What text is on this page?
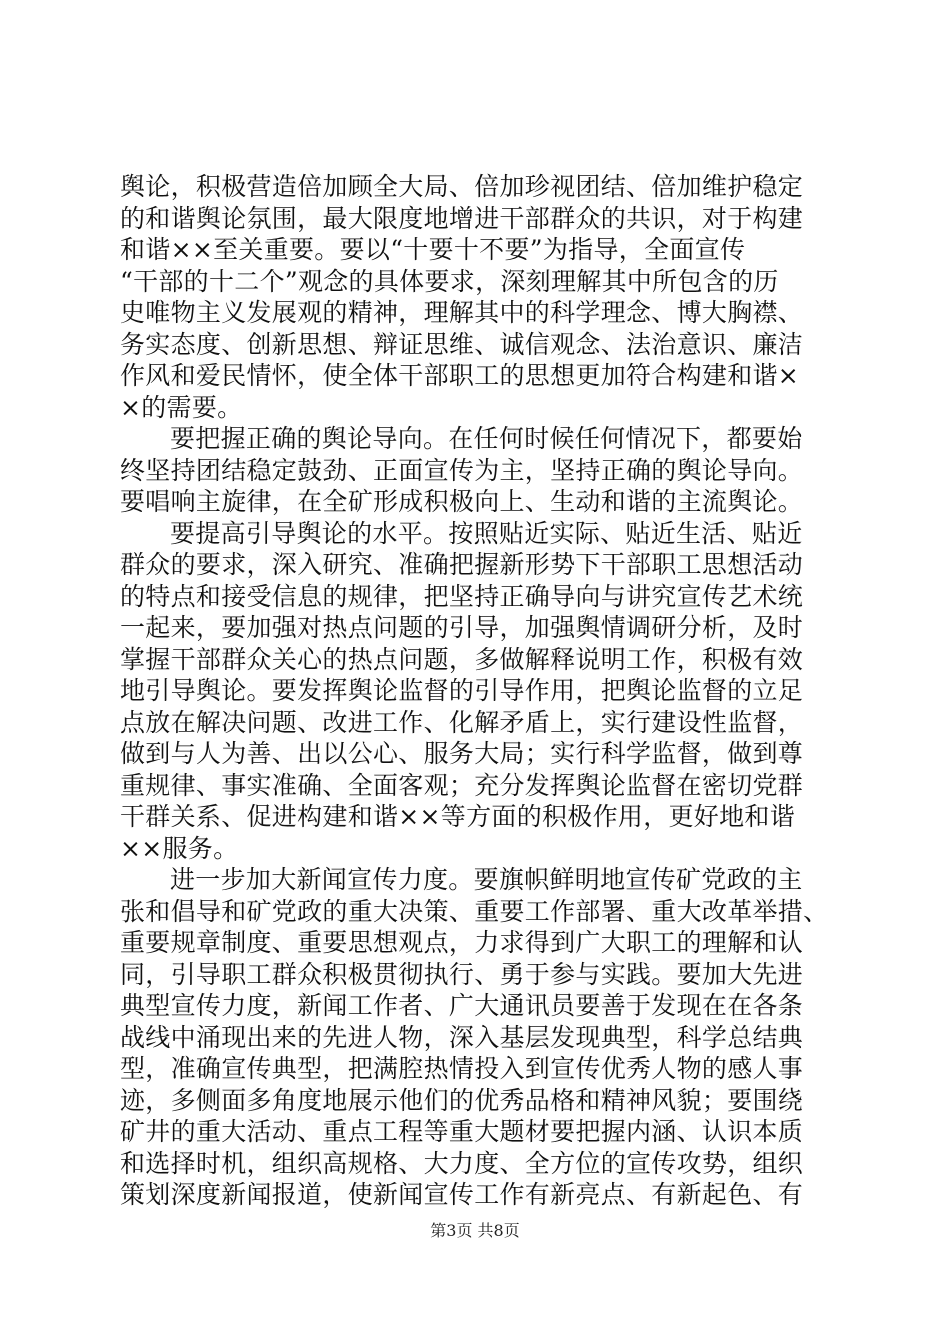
舆论，积极营造倍加顾全大局、倍加珍视团结、倍加维护稳定
的和谐舆论氛围，最大限度地增进干部群众的共识，对于构建
和谐××至关重要。要以“十要十不要”为指导，全面宣传
“干部的十二个”观念的具体要求，深刻理解其中所包含的历
史唯物主义发展观的精神，理解其中的科学理念、博大胸襟、
务实态度、创新思想、辩证思维、诚信观念、法治意识、廉洁
作风和爱民情怀，使全体干部职工的思想更加符合构建和谐×
×的需要。
要把握正确的舆论导向。在任何时候任何情况下，都要始
终坚持团结稳定鼓劲、正面宣传为主，坚持正确的舆论导向。
要唱响主旋律，在全矿形成积极向上、生动和谐的主流舆论。
要提高引导舆论的水平。按照贴近实际、贴近生活、贴近
群众的要求，深入研究、准确把握新形势下干部职工思想活动
的特点和接受信息的规律，把坚持正确导向与讲究宣传艺术统
一起来，要加强对热点问题的引导，加强舆情调研分析，及时
掌握干部群众关心的热点问题，多做解释说明工作，积极有效
地引导舆论。要发挥舆论监督的引导作用，把舆论监督的立足
点放在解决问题、改进工作、化解矛盾上，实行建设性监督，
做到与人为善、出以公心、服务大局；实行科学监督，做到尊
重规律、事实准确、全面客观；充分发挥舆论监督在密切党群
干群关系、促进构建和谐××等方面的积极作用，更好地和谐
××服务。
进一步加大新闻宣传力度。要旗帜鲜明地宣传矿党政的主
张和倡导和矿党政的重大决策、重要工作部署、重大改革举措、
重要规章制度、重要思想观点，力求得到广大职工的理解和认
同，引导职工群众积极贯彻执行、勇于参与实践。要加大先进
典型宣传力度，新闻工作者、广大通讯员要善于发现在在各条
战线中涌现出来的先进人物，深入基层发现典型，科学总结典
型，准确宣传典型，把满腔热情投入到宣传优秀人物的感人事
迹，多侧面多角度地展示他们的优秀品格和精神风貌；要围绕
矿井的重大活动、重点工程等重大题材要把握内涵、认识本质
和选择时机，组织高规格、大力度、全方位的宣传攻势，组织
策划深度新闻报道，使新闻宣传工作有新亮点、有新起色、有
第3页 共8页
